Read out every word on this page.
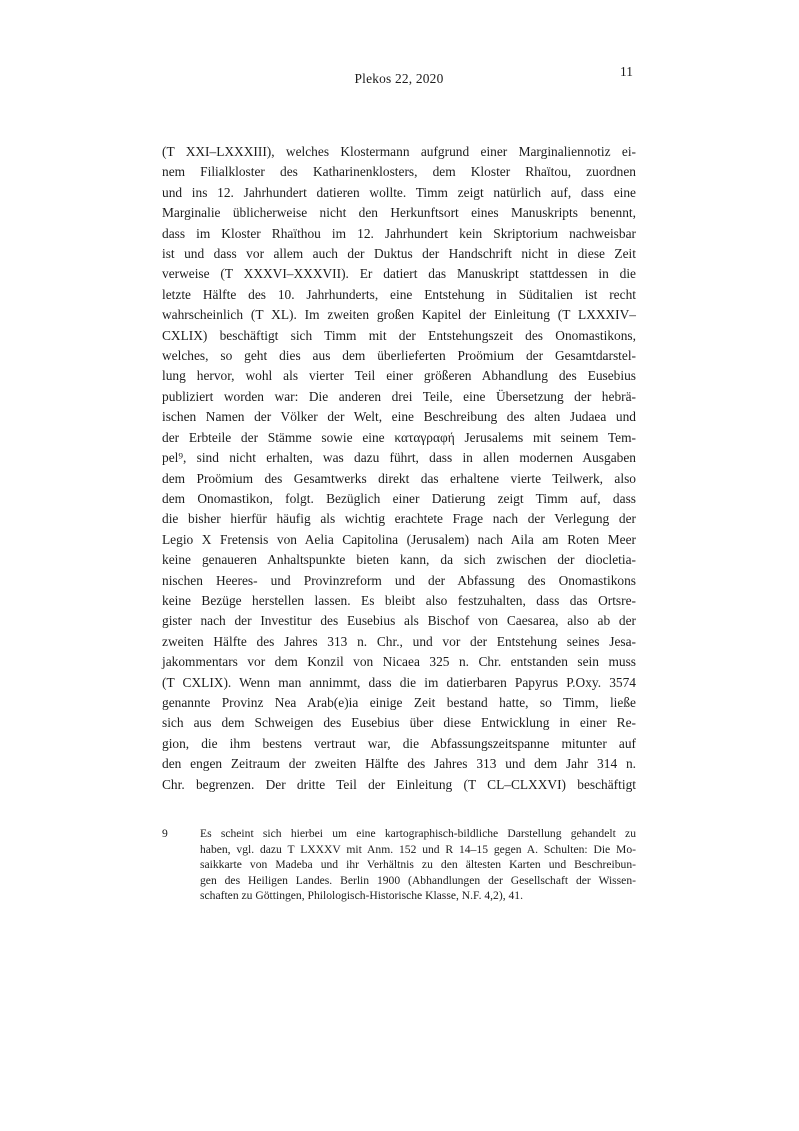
Plekos 22, 2020	11
(T XXI–LXXXIII), welches Klostermann aufgrund einer Marginaliennotiz ei-
nem Filialkloster des Katharinenklosters, dem Kloster Rhaïtou, zuordnen
und ins 12. Jahrhundert datieren wollte. Timm zeigt natürlich auf, dass eine
Marginalie üblicherweise nicht den Herkunftsort eines Manuskripts benennt,
dass im Kloster Rhaïthou im 12. Jahrhundert kein Skriptorium nachweisbar
ist und dass vor allem auch der Duktus der Handschrift nicht in diese Zeit
verweise (T XXXVI–XXXVII). Er datiert das Manuskript stattdessen in die
letzte Hälfte des 10. Jahrhunderts, eine Entstehung in Süditalien ist recht
wahrscheinlich (T XL). Im zweiten großen Kapitel der Einleitung (T LXXXIV–
CXLIX) beschäftigt sich Timm mit der Entstehungszeit des Onomastikons,
welches, so geht dies aus dem überlieferten Proömium der Gesamtdarstel-
lung hervor, wohl als vierter Teil einer größeren Abhandlung des Eusebius
publiziert worden war: Die anderen drei Teile, eine Übersetzung der hebrä-
ischen Namen der Völker der Welt, eine Beschreibung des alten Judaea und
der Erbteile der Stämme sowie eine καταγραφή Jerusalems mit seinem Tem-
pel⁹, sind nicht erhalten, was dazu führt, dass in allen modernen Ausgaben
dem Proömium des Gesamtwerks direkt das erhaltene vierte Teilwerk, also
dem Onomastikon, folgt. Bezüglich einer Datierung zeigt Timm auf, dass
die bisher hierfür häufig als wichtig erachtete Frage nach der Verlegung der
Legio X Fretensis von Aelia Capitolina (Jerusalem) nach Aila am Roten Meer
keine genaueren Anhaltspunkte bieten kann, da sich zwischen der diocletia-
nischen Heeres- und Provinzreform und der Abfassung des Onomastikons
keine Bezüge herstellen lassen. Es bleibt also festzuhalten, dass das Ortsre-
gister nach der Investitur des Eusebius als Bischof von Caesarea, also ab der
zweiten Hälfte des Jahres 313 n. Chr., und vor der Entstehung seines Jesa-
jakommentars vor dem Konzil von Nicaea 325 n. Chr. entstanden sein muss
(T CXLIX). Wenn man annimmt, dass die im datierbaren Papyrus P.Oxy. 3574
genannte Provinz Nea Arab(e)ia einige Zeit bestand hatte, so Timm, ließe
sich aus dem Schweigen des Eusebius über diese Entwicklung in einer Re-
gion, die ihm bestens vertraut war, die Abfassungszeitspanne mitunter auf
den engen Zeitraum der zweiten Hälfte des Jahres 313 und dem Jahr 314 n.
Chr. begrenzen. Der dritte Teil der Einleitung (T CL–CLXXVI) beschäftigt
9	Es scheint sich hierbei um eine kartographisch-bildliche Darstellung gehandelt zu
haben, vgl. dazu T LXXXV mit Anm. 152 und R 14–15 gegen A. Schulten: Die Mo-
saikkarte von Madeba und ihr Verhältnis zu den ältesten Karten und Beschreibun-
gen des Heiligen Landes. Berlin 1900 (Abhandlungen der Gesellschaft der Wissen-
schaften zu Göttingen, Philologisch-Historische Klasse, N.F. 4,2), 41.
